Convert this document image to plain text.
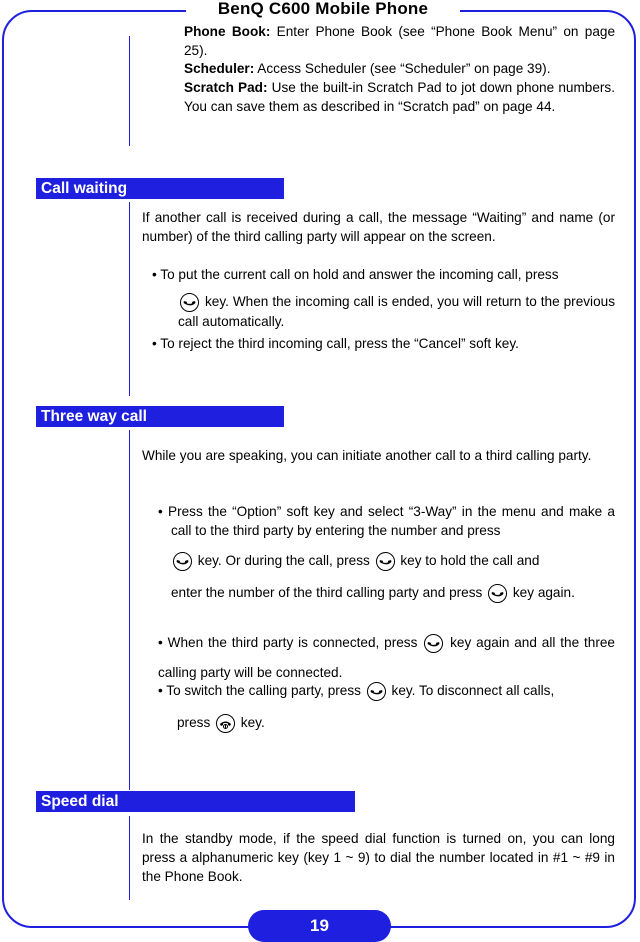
BenQ C600 Mobile Phone
Phone Book: Enter Phone Book (see “Phone Book Menu” on page 25).
Scheduler: Access Scheduler (see “Scheduler” on page 39).
Scratch Pad: Use the built-in Scratch Pad to jot down phone numbers. You can save them as described in “Scratch pad” on page 44.
Call waiting
If another call is received during a call, the message “Waiting” and name (or number) of the third calling party will appear on the screen.
• To put the current call on hold and answer the incoming call, press
key. When the incoming call is ended, you will return to the previous call automatically.
• To reject the third incoming call, press the “Cancel” soft key.
Three way call
While you are speaking, you can initiate another call to a third calling party.
• Press the “Option” soft key and select “3-Way” in the menu and make a call to the third party by entering the number and press
key. Or during the call, press
key to hold the call and
enter the number of the third calling party and press
key again.
• When the third party is connected, press
key again and all the three calling party will be connected.
• To switch the calling party, press
key. To disconnect all calls,
press
key.
Speed dial
In the standby mode, if the speed dial function is turned on, you can long press a alphanumeric key (key 1 ~ 9) to dial the number located in #1 ~ #9 in the Phone Book.
19
